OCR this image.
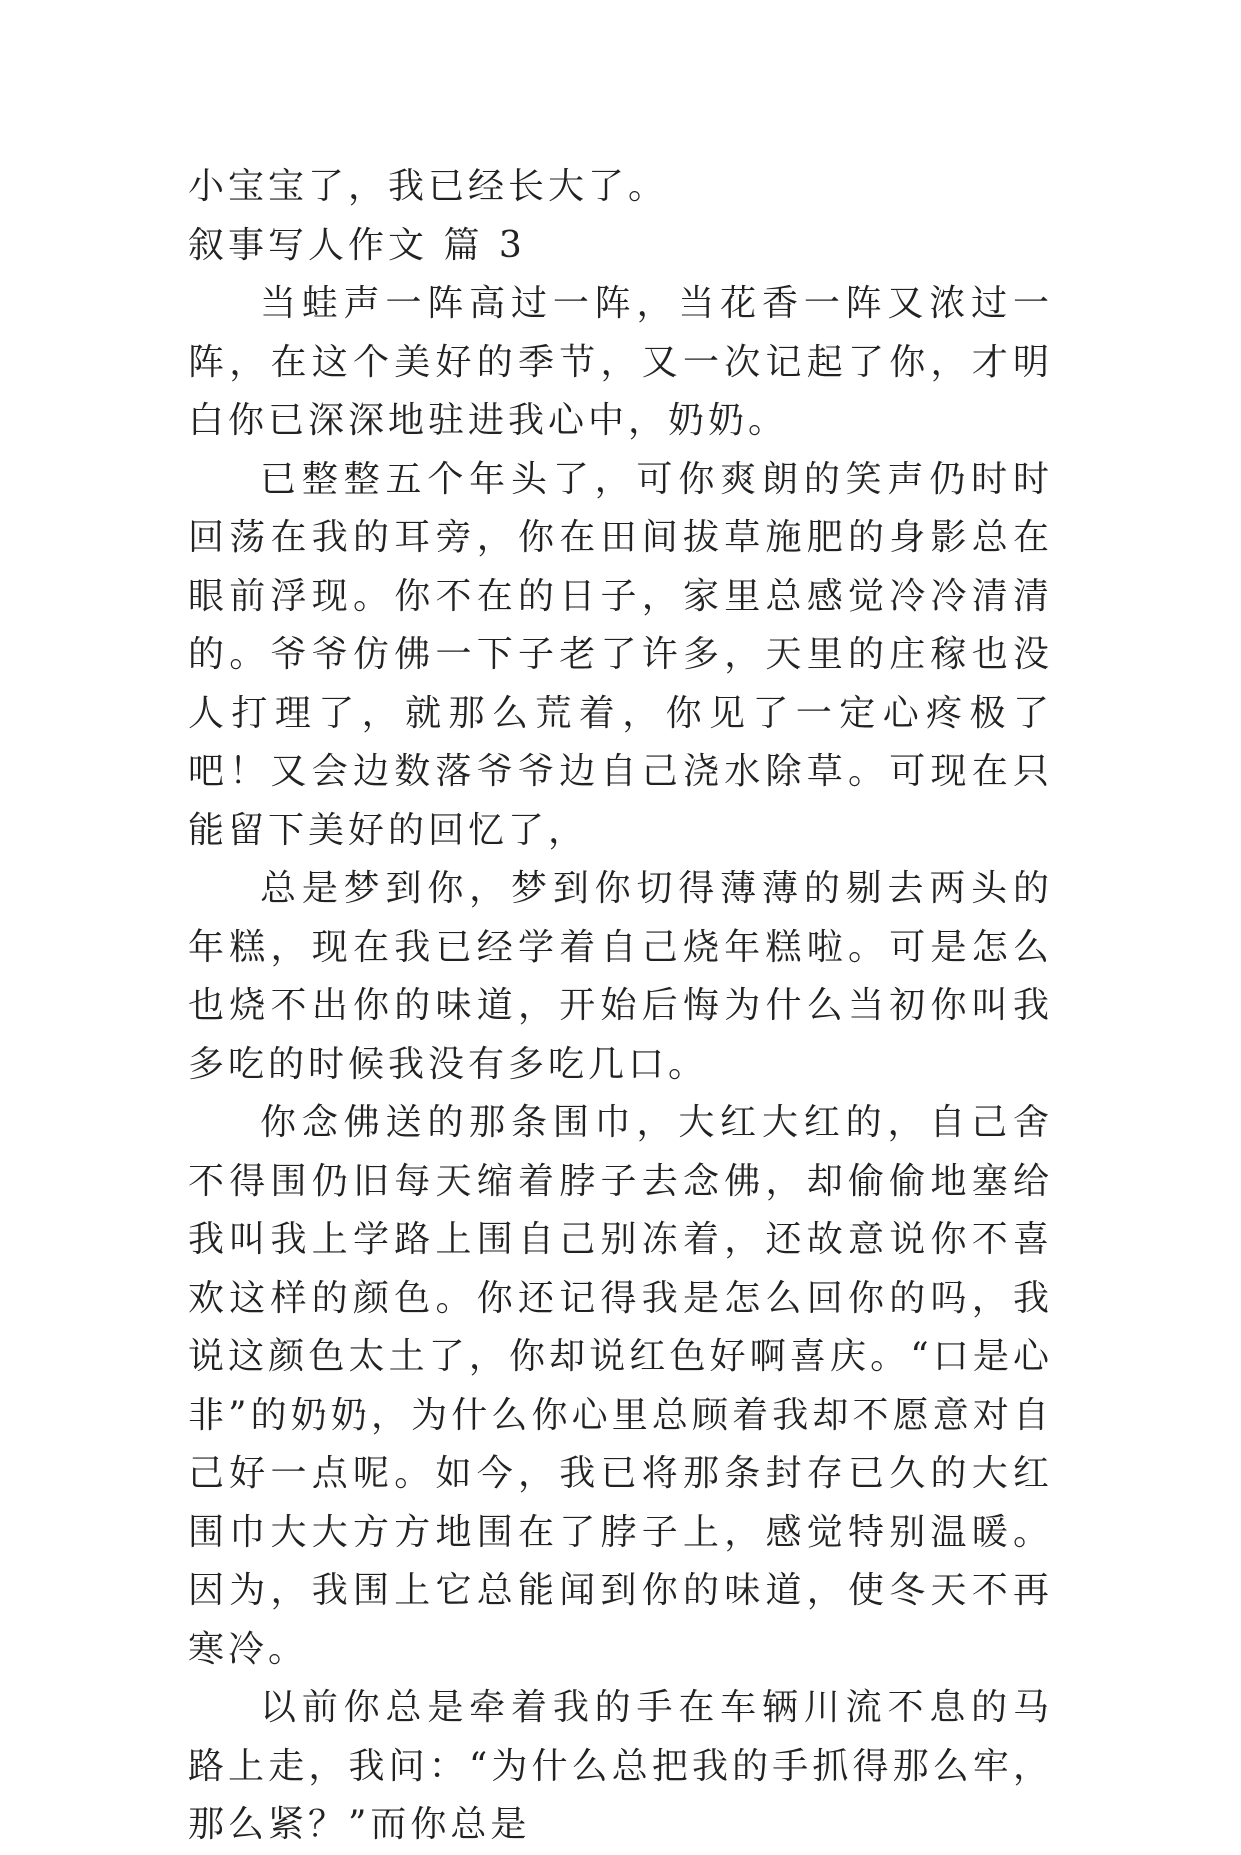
小宝宝了，我已经长大了。

叙事写人作文 篇 3

当蛙声一阵高过一阵，当花香一阵又浓过一阵，在这个美好的季节，又一次记起了你，才明白你已深深地驻进我心中，奶奶。

已整整五个年头了，可你爽朗的笑声仍时时回荡在我的耳旁，你在田间拔草施肥的身影总在眼前浮现。你不在的日子，家里总感觉冷冷清清的。爷爷仿佛一下子老了许多，天里的庄稼也没人打理了，就那么荒着，你见了一定心疼极了吧！又会边数落爷爷边自己浇水除草。可现在只能留下美好的回忆了，

总是梦到你，梦到你切得薄薄的剔去两头的年糕，现在我已经学着自己烧年糕啦。可是怎么也烧不出你的味道，开始后悔为什么当初你叫我多吃的时候我没有多吃几口。

你念佛送的那条围巾，大红大红的，自己舍不得围仍旧每天缩着脖子去念佛，却偷偷地塞给我叫我上学路上围自己别冻着，还故意说你不喜欢这样的颜色。你还记得我是怎么回你的吗，我说这颜色太土了，你却说红色好啊喜庆。“口是心非”的奶奶，为什么你心里总顾着我却不愿意对自己好一点呢。如今，我已将那条封存已久的大红围巾大大方方地围在了脖子上，感觉特别温暖。因为，我围上它总能闻到你的味道，使冬天不再寒冷。

以前你总是牵着我的手在车辆川流不息的马路上走，我问：“为什么总把我的手抓得那么牢，那么紧？”而你总是
